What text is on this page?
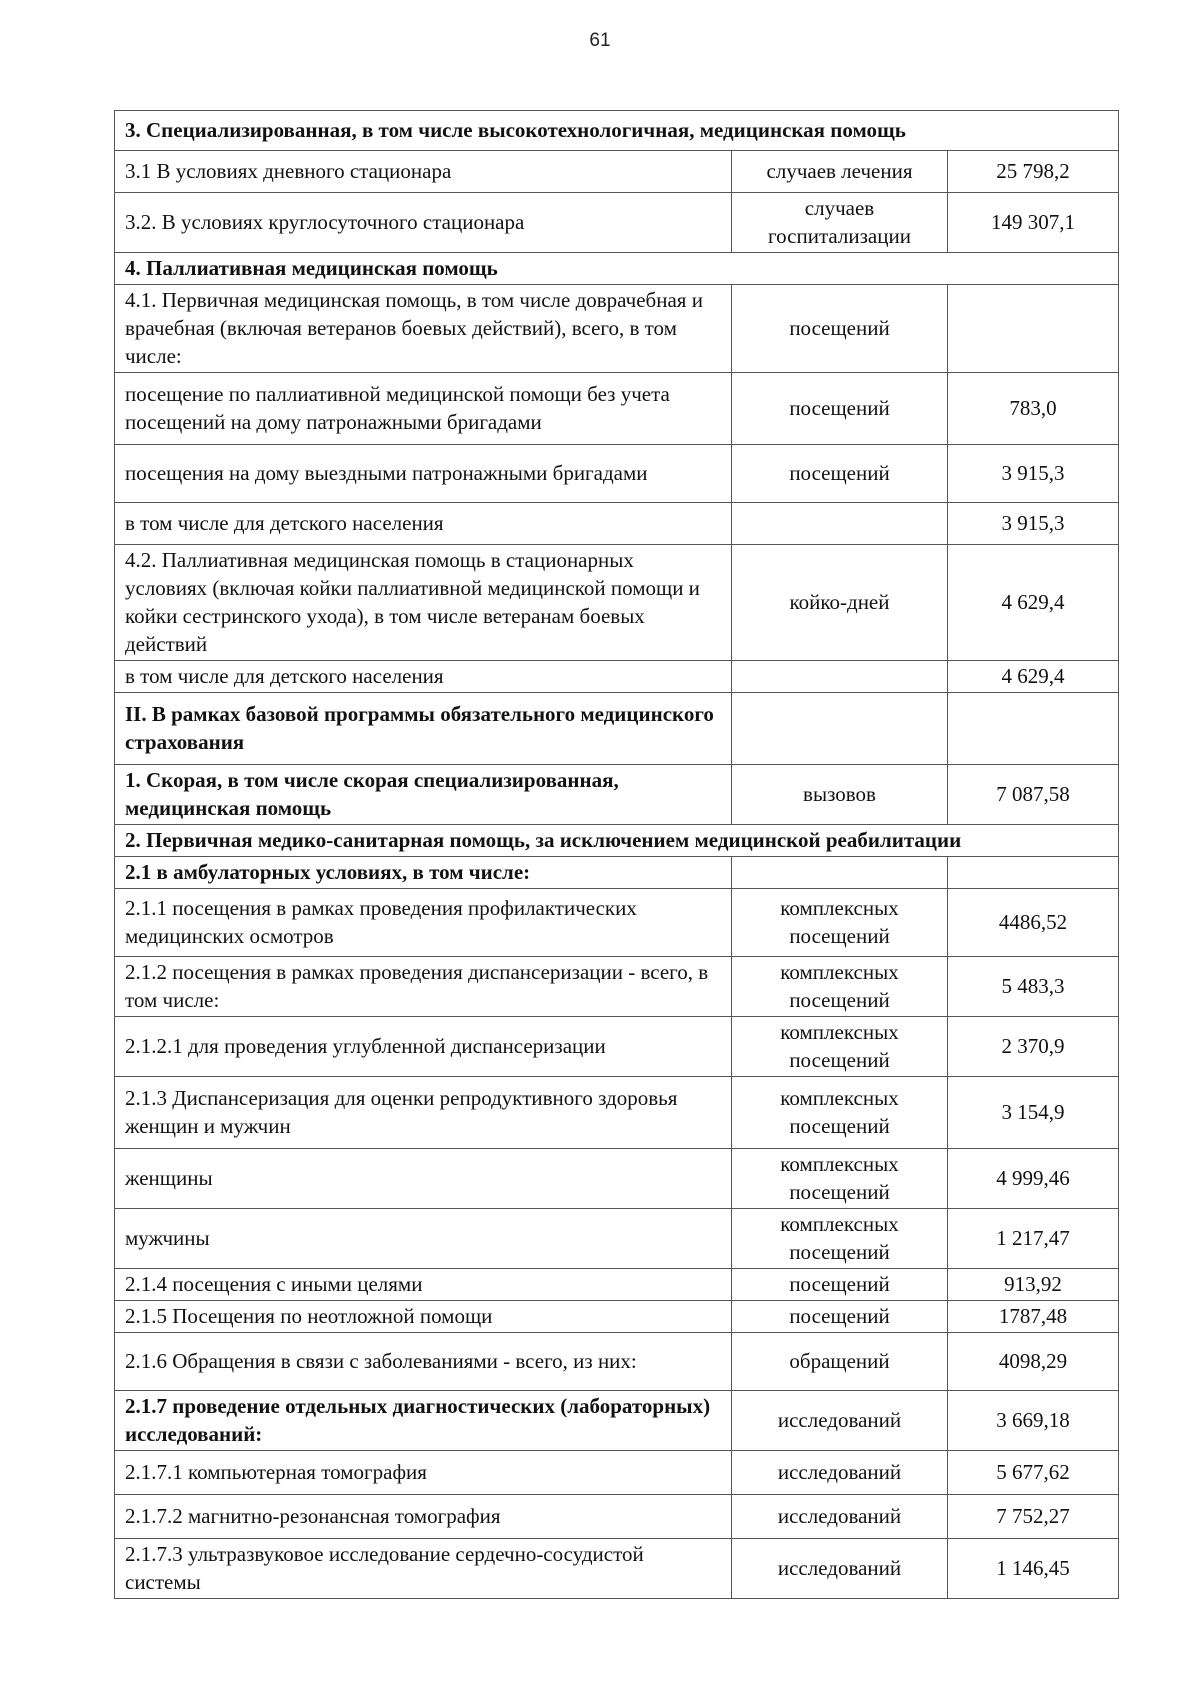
61
3. Специализированная, в том числе высокотехнологичная, медицинская помощь		
3.1 В условиях дневного стационара	случаев лечения	25 798,2
3.2. В условиях круглосуточного стационара	случаев госпитализации	149 307,1
4. Паллиативная медицинская помощь		
4.1. Первичная медицинская помощь, в том числе доврачебная и врачебная (включая ветеранов боевых действий), всего, в том числе:	посещений	
посещение по паллиативной медицинской помощи без учета посещений на дому патронажными бригадами	посещений	783,0
посещения на дому выездными патронажными бригадами	посещений	3 915,3
в том числе для детского населения		3 915,3
4.2. Паллиативная медицинская помощь в стационарных условиях (включая койки паллиативной медицинской помощи и койки сестринского ухода), в том числе ветеранам боевых действий	койко-дней	4 629,4
в том числе для детского населения		4 629,4
II. В рамках базовой программы обязательного медицинского страхования		
1. Скорая, в том числе скорая специализированная, медицинская помощь	вызовов	7 087,58
2. Первичная медико-санитарная помощь, за исключением медицинской реабилитации		
2.1 в амбулаторных условиях, в том числе:		
2.1.1 посещения в рамках проведения профилактических медицинских осмотров	комплексных посещений	4486,52
2.1.2 посещения в рамках проведения диспансеризации - всего, в том числе:	комплексных посещений	5 483,3
2.1.2.1 для проведения углубленной диспансеризации	комплексных посещений	2 370,9
2.1.3 Диспансеризация для оценки репродуктивного здоровья женщин и мужчин	комплексных посещений	3 154,9
женщины	комплексных посещений	4 999,46
мужчины	комплексных посещений	1 217,47
2.1.4 посещения с иными целями	посещений	913,92
2.1.5 Посещения по неотложной помощи	посещений	1787,48
2.1.6 Обращения в связи с заболеваниями - всего, из них:	обращений	4098,29
2.1.7 проведение отдельных диагностических (лабораторных) исследований:	исследований	3 669,18
2.1.7.1 компьютерная томография	исследований	5 677,62
2.1.7.2 магнитно-резонансная томография	исследований	7 752,27
2.1.7.3 ультразвуковое исследование сердечно-сосудистой системы	исследований	1 146,45
